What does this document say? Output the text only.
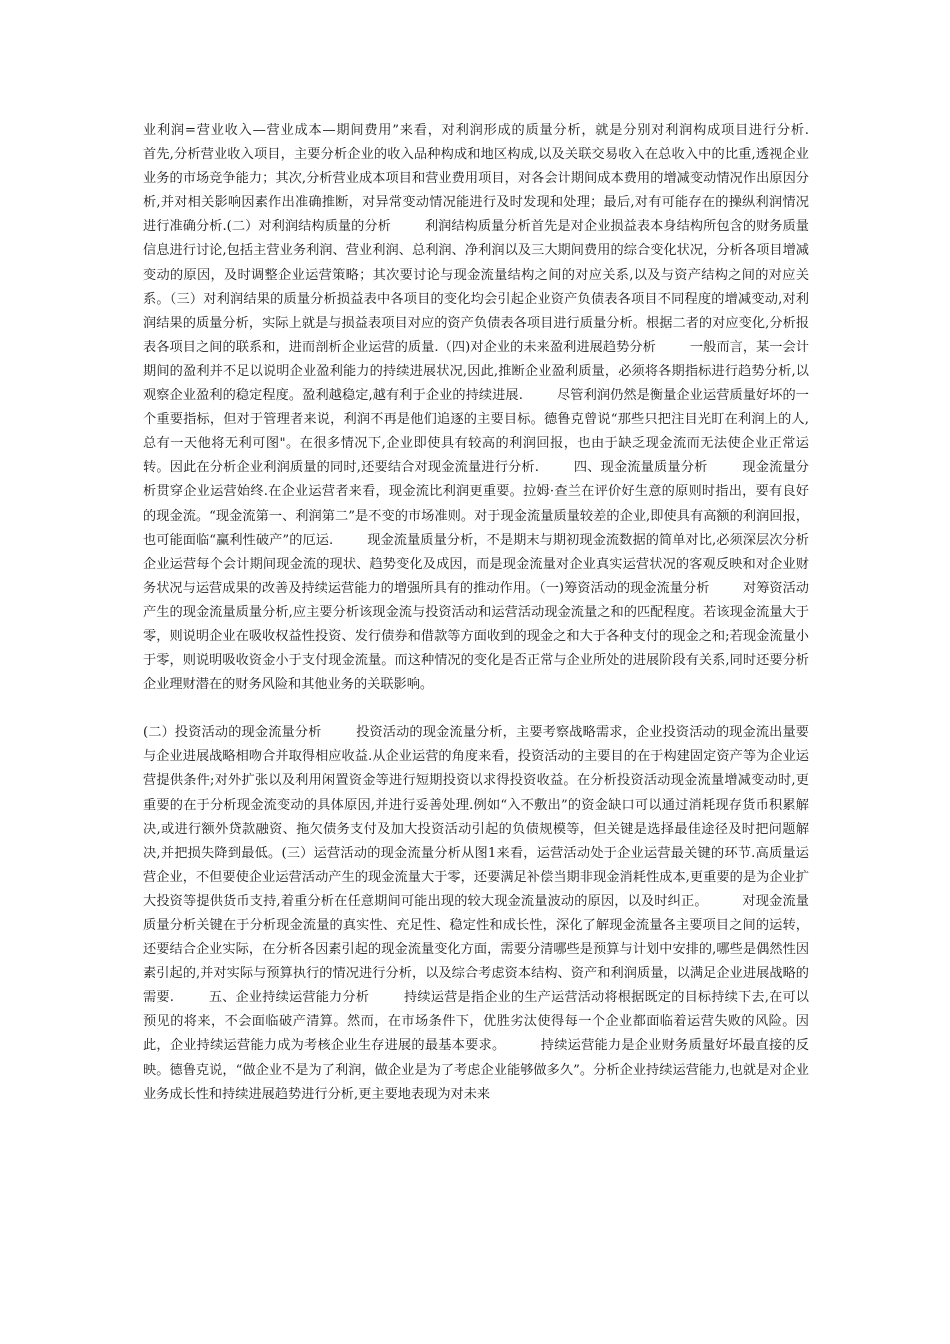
业利润=营业收入—营业成本—期间费用”来看，对利润形成的质量分析，就是分别对利润构成项目进行分析.        首先,分析营业收入项目，主要分析企业的收入品种构成和地区构成,以及关联交易收入在总收入中的比重,透视企业业务的市场竞争能力；其次,分析营业成本项目和营业费用项目，对各会计期间成本费用的增减变动情况作出原因分析,并对相关影响因素作出准确推断，对异常变动情况能进行及时发现和处理；最后,对有可能存在的操纵利润情况进行准确分析.(二）对利润结构质量的分析        利润结构质量分析首先是对企业损益表本身结构所包含的财务质量信息进行讨论,包括主营业务利润、营业利润、总利润、净利润以及三大期间费用的综合变化状况，分析各项目增减变动的原因，及时调整企业运营策略；其次要讨论与现金流量结构之间的对应关系,以及与资产结构之间的对应关系。（三）对利润结果的质量分析损益表中各项目的变化均会引起企业资产负债表各项目不同程度的增减变动,对利润结果的质量分析，实际上就是与损益表项目对应的资产负债表各项目进行质量分析。根据二者的对应变化,分析报表各项目之间的联系和，进而剖析企业运营的质量.（四)对企业的未来盈利进展趋势分析        一般而言，某一会计期间的盈利并不足以说明企业盈利能力的持续进展状况,因此,推断企业盈利质量，必须将各期指标进行趋势分析,以观察企业盈利的稳定程度。盈利越稳定,越有利于企业的持续进展.        尽管利润仍然是衡量企业运营质量好坏的一个重要指标，但对于管理者来说，利润不再是他们追逐的主要目标。德鲁克曾说“那些只把注目光盯在利润上的人,总有一天他将无利可图"。在很多情况下,企业即使具有较高的利润回报，也由于缺乏现金流而无法使企业正常运转。因此在分析企业利润质量的同时,还要结合对现金流量进行分析.        四、现金流量质量分析        现金流量分析贯穿企业运营始终.在企业运营者来看，现金流比利润更重要。拉姆·查兰在评价好生意的原则时指出，要有良好的现金流。“现金流第一、利润第二”是不变的市场准则。对于现金流量质量较差的企业,即使具有高额的利润回报，也可能面临“赢利性破产”的厄运.        现金流量质量分析，不是期末与期初现金流数据的简单对比,必须深层次分析企业运营每个会计期间现金流的现状、趋势变化及成因，而是现金流量对企业真实运营状况的客观反映和对企业财务状况与运营成果的改善及持续运营能力的增强所具有的推动作用。（一)筹资活动的现金流量分析        对筹资活动产生的现金流量质量分析,应主要分析该现金流与投资活动和运营活动现金流量之和的匹配程度。若该现金流量大于零，则说明企业在吸收权益性投资、发行债券和借款等方面收到的现金之和大于各种支付的现金之和;若现金流量小于零，则说明吸收资金小于支付现金流量。而这种情况的变化是否正常与企业所处的进展阶段有关系,同时还要分析企业理财潜在的财务风险和其他业务的关联影响。

(二）投资活动的现金流量分析        投资活动的现金流量分析，主要考察战略需求，企业投资活动的现金流出量要与企业进展战略相吻合并取得相应收益.从企业运营的角度来看，投资活动的主要目的在于构建固定资产等为企业运营提供条件;对外扩张以及利用闲置资金等进行短期投资以求得投资收益。在分析投资活动现金流量增减变动时,更重要的在于分析现金流变动的具体原因,并进行妥善处理.例如“入不敷出”的资金缺口可以通过消耗现存货币积累解决,或进行额外贷款融资、拖欠债务支付及加大投资活动引起的负债规模等，但关键是选择最佳途径及时把问题解决,并把损失降到最低。(三）运营活动的现金流量分析从图1来看，运营活动处于企业运营最关键的环节.高质量运营企业，不但要使企业运营活动产生的现金流量大于零，还要满足补偿当期非现金消耗性成本,更重要的是为企业扩大投资等提供货币支持,着重分析在任意期间可能出现的较大现金流量波动的原因，以及时纠正。        对现金流量质量分析关键在于分析现金流量的真实性、充足性、稳定性和成长性，深化了解现金流量各主要项目之间的运转，还要结合企业实际，在分析各因素引起的现金流量变化方面，需要分清哪些是预算与计划中安排的,哪些是偶然性因素引起的,并对实际与预算执行的情况进行分析，以及综合考虑资本结构、资产和利润质量，以满足企业进展战略的需要.        五、企业持续运营能力分析        持续运营是指企业的生产运营活动将根据既定的目标持续下去,在可以预见的将来，不会面临破产清算。然而，在市场条件下，优胜劣汰使得每一个企业都面临着运营失败的风险。因此，企业持续运营能力成为考核企业生存进展的最基本要求。        持续运营能力是企业财务质量好坏最直接的反映。德鲁克说，“做企业不是为了利润，做企业是为了考虑企业能够做多久”。分析企业持续运营能力,也就是对企业业务成长性和持续进展趋势进行分析,更主要地表现为对未来
